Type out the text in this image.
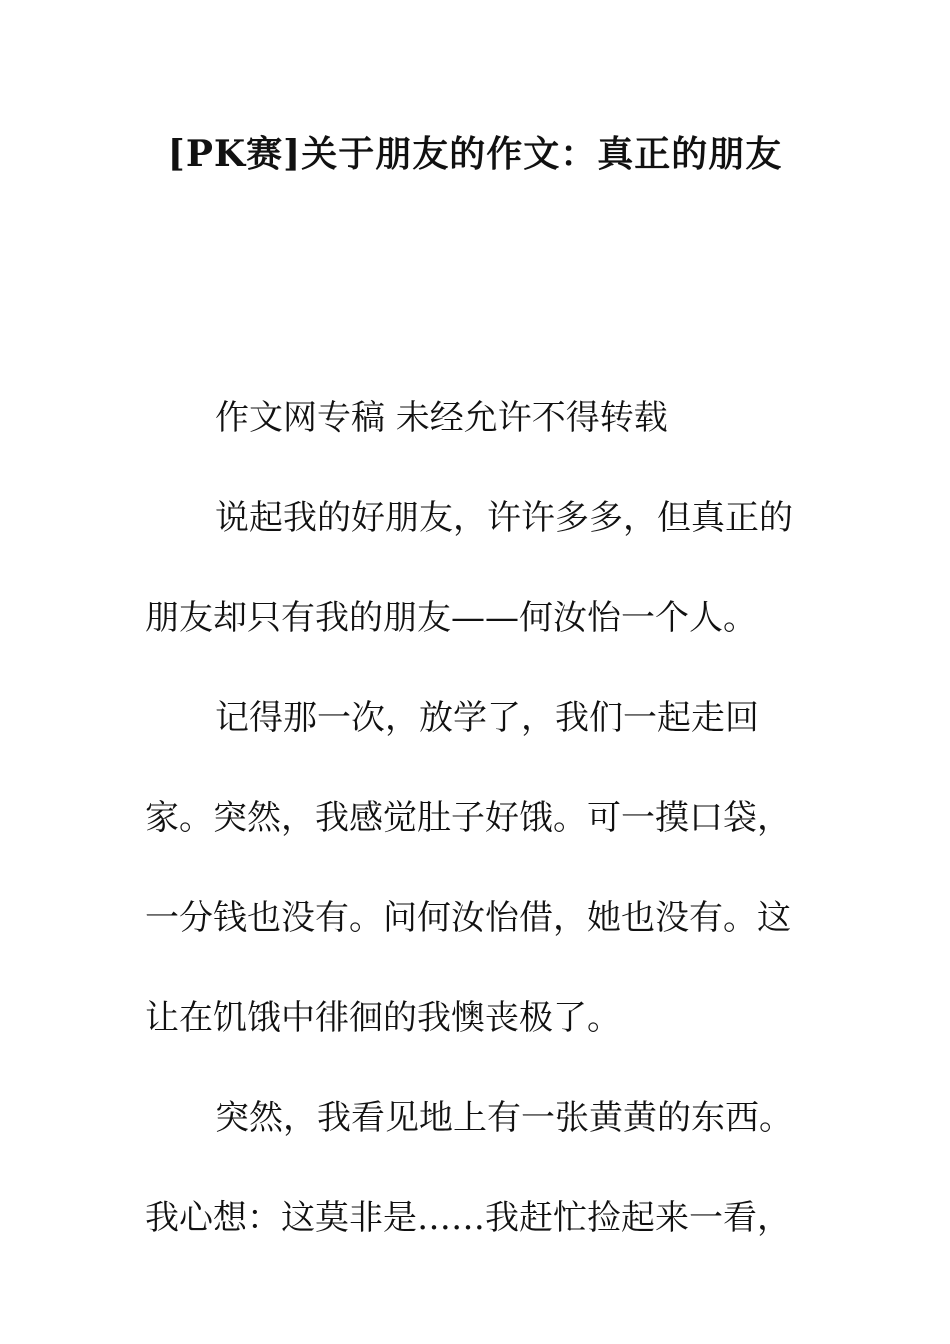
[PK赛]关于朋友的作文：真正的朋友

作文网专稿 未经允许不得转载

说起我的好朋友，许许多多，但真正的朋友却只有我的朋友——何汝怡一个人。

记得那一次，放学了，我们一起走回家。突然，我感觉肚子好饿。可一摸口袋，一分钱也没有。问何汝怡借，她也没有。这让在饥饿中徘徊的我懊丧极了。

突然，我看见地上有一张黄黄的东西。我心想：这莫非是……我赶忙捡起来一看，
